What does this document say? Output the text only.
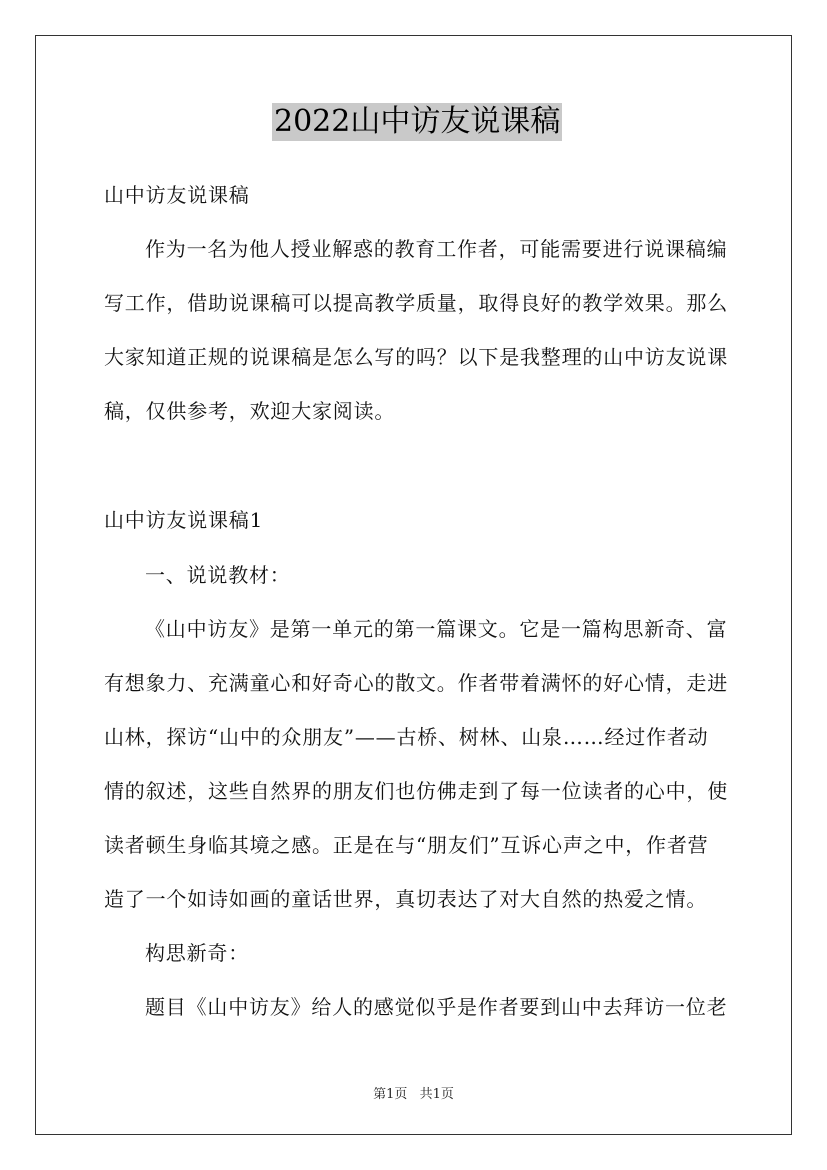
2022山中访友说课稿
山中访友说课稿
作为一名为他人授业解惑的教育工作者，可能需要进行说课稿编
写工作，借助说课稿可以提高教学质量，取得良好的教学效果。那么
大家知道正规的说课稿是怎么写的吗？以下是我整理的山中访友说课
稿，仅供参考，欢迎大家阅读。
山中访友说课稿1
一、说说教材：
《山中访友》是第一单元的第一篇课文。它是一篇构思新奇、富
有想象力、充满童心和好奇心的散文。作者带着满怀的好心情，走进
山林，探访“山中的众朋友”——古桥、树林、山泉……经过作者动
情的叙述，这些自然界的朋友们也仿佛走到了每一位读者的心中，使
读者顿生身临其境之感。正是在与“朋友们”互诉心声之中，作者营
造了一个如诗如画的童话世界，真切表达了对大自然的热爱之情。
构思新奇：
题目《山中访友》给人的感觉似乎是作者要到山中去拜访一位老
第1页 共1页
